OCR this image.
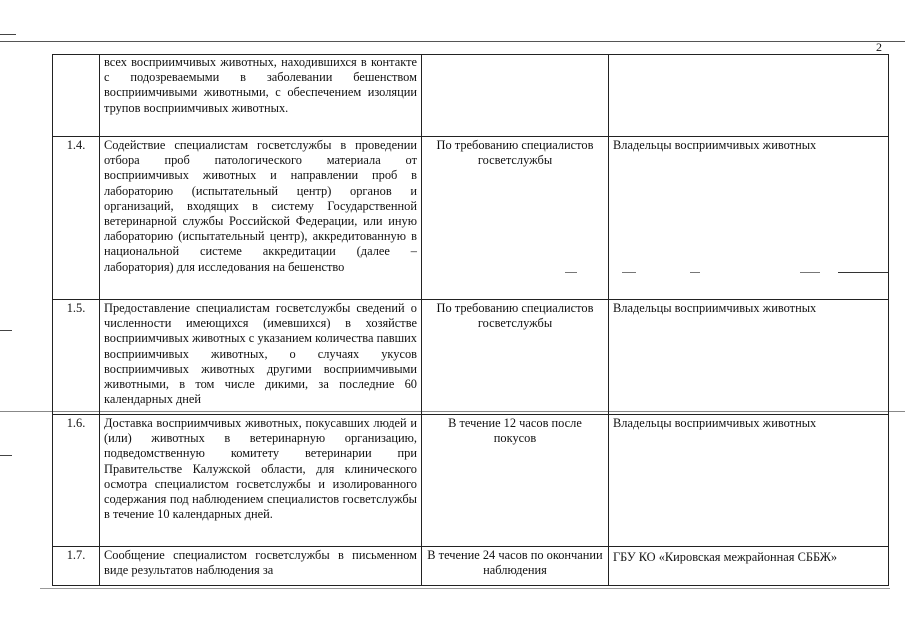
2
	всех восприимчивых животных, находившихся в контакте с подозреваемыми в заболевании бешенством восприимчивыми животными, с обеспечением изоляции трупов восприимчивых животных.		
1.4.	Содействие специалистам госветслужбы в проведении отбора проб патологического материала от восприимчивых животных и направлении проб в лабораторию (испытательный центр) органов и организаций, входящих в систему Государственной ветеринарной службы Российской Федерации, или иную лабораторию (испытательный центр), аккредитованную в национальной системе аккредитации (далее – лаборатория) для исследования на бешенство	По требованию специалистов госветслужбы	Владельцы восприимчивых животных
1.5.	Предоставление специалистам госветслужбы сведений о численности имеющихся (имевшихся) в хозяйстве восприимчивых животных с указанием количества павших восприимчивых животных, о случаях укусов восприимчивых животных другими восприимчивыми животными, в том числе дикими, за последние 60 календарных дней	По требованию специалистов госветслужбы	Владельцы восприимчивых животных
1.6.	Доставка восприимчивых животных, покусавших людей и (или) животных в ветеринарную организацию, подведомственную комитету ветеринарии при Правительстве Калужской области, для клинического осмотра специалистом госветслужбы и изолированного содержания под наблюдением специалистов госветслужбы в течение 10 календарных дней.	В течение 12 часов после покусов	Владельцы восприимчивых животных
1.7.	Сообщение специалистом госветслужбы в письменном виде результатов наблюдения за	В течение 24 часов по окончании наблюдения	ГБУ КО «Кировская межрайонная СББЖ»
